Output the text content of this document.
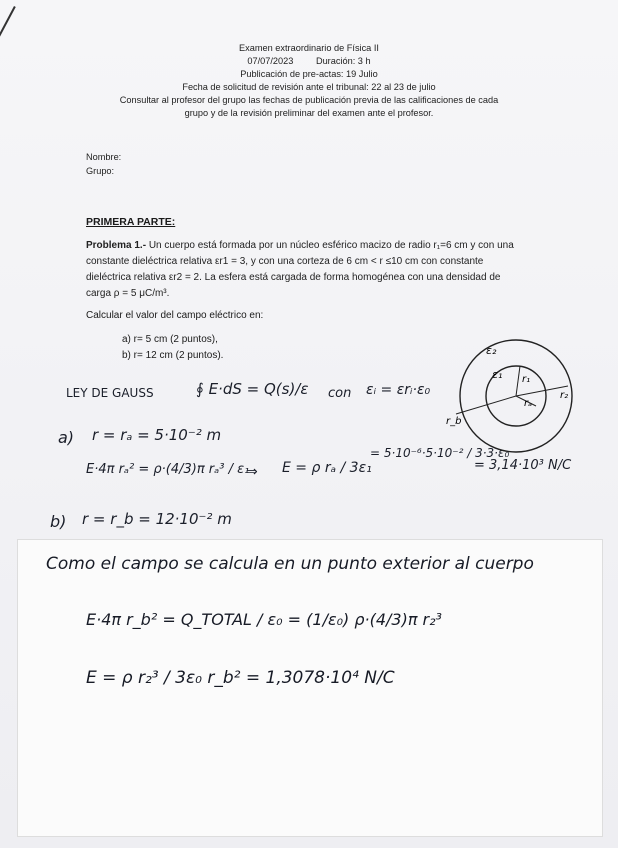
Examen extraordinario de Física II
07/07/2023 Duración: 3 h
Publicación de pre-actas: 19 Julio
Fecha de solicitud de revisión ante el tribunal: 22 al 23 de julio
Consultar al profesor del grupo las fechas de publicación previa de las calificaciones de cada
grupo y de la revisión preliminar del examen ante el profesor.
Nombre:
Grupo:
PRIMERA PARTE:
Problema 1.- Un cuerpo está formada por un núcleo esférico macizo de radio r₁=6 cm y con una constante dieléctrica relativa εr1 = 3, y con una corteza de 6 cm < r ≤10 cm con constante dieléctrica relativa εr2 = 2. La esfera está cargada de forma homogénea con una densidad de carga ρ = 5 μC/m³.
Calcular el valor del campo eléctrico en:
a) r= 5 cm (2 puntos),
b) r= 12 cm (2 puntos).
LEY DE GAUSS	∮ E·dS = Q(s)/ε con εᵢ = εrᵢ·ε₀
a) r = rₐ = 5·10⁻² m
E·4π rₐ² = ρ·(4/3)π rₐ³ / ε₁
⇒ E = ρ rₐ / 3ε₁
= 5·10⁻⁶·5·10⁻² / 3·3·ε₀
= 3,14·10³ N/C
b) r = r_b = 12·10⁻² m
ε₂
ε₁ r₁
rₐ
r₂
r_b
Como el campo se calcula en un punto exterior al cuerpo
E·4π r_b² = Q_TOTAL / ε₀ = (1/ε₀) ρ·(4/3)π r₂³
E = ρ r₂³ / 3ε₀ r_b² = 1,3078·10⁴ N/C
